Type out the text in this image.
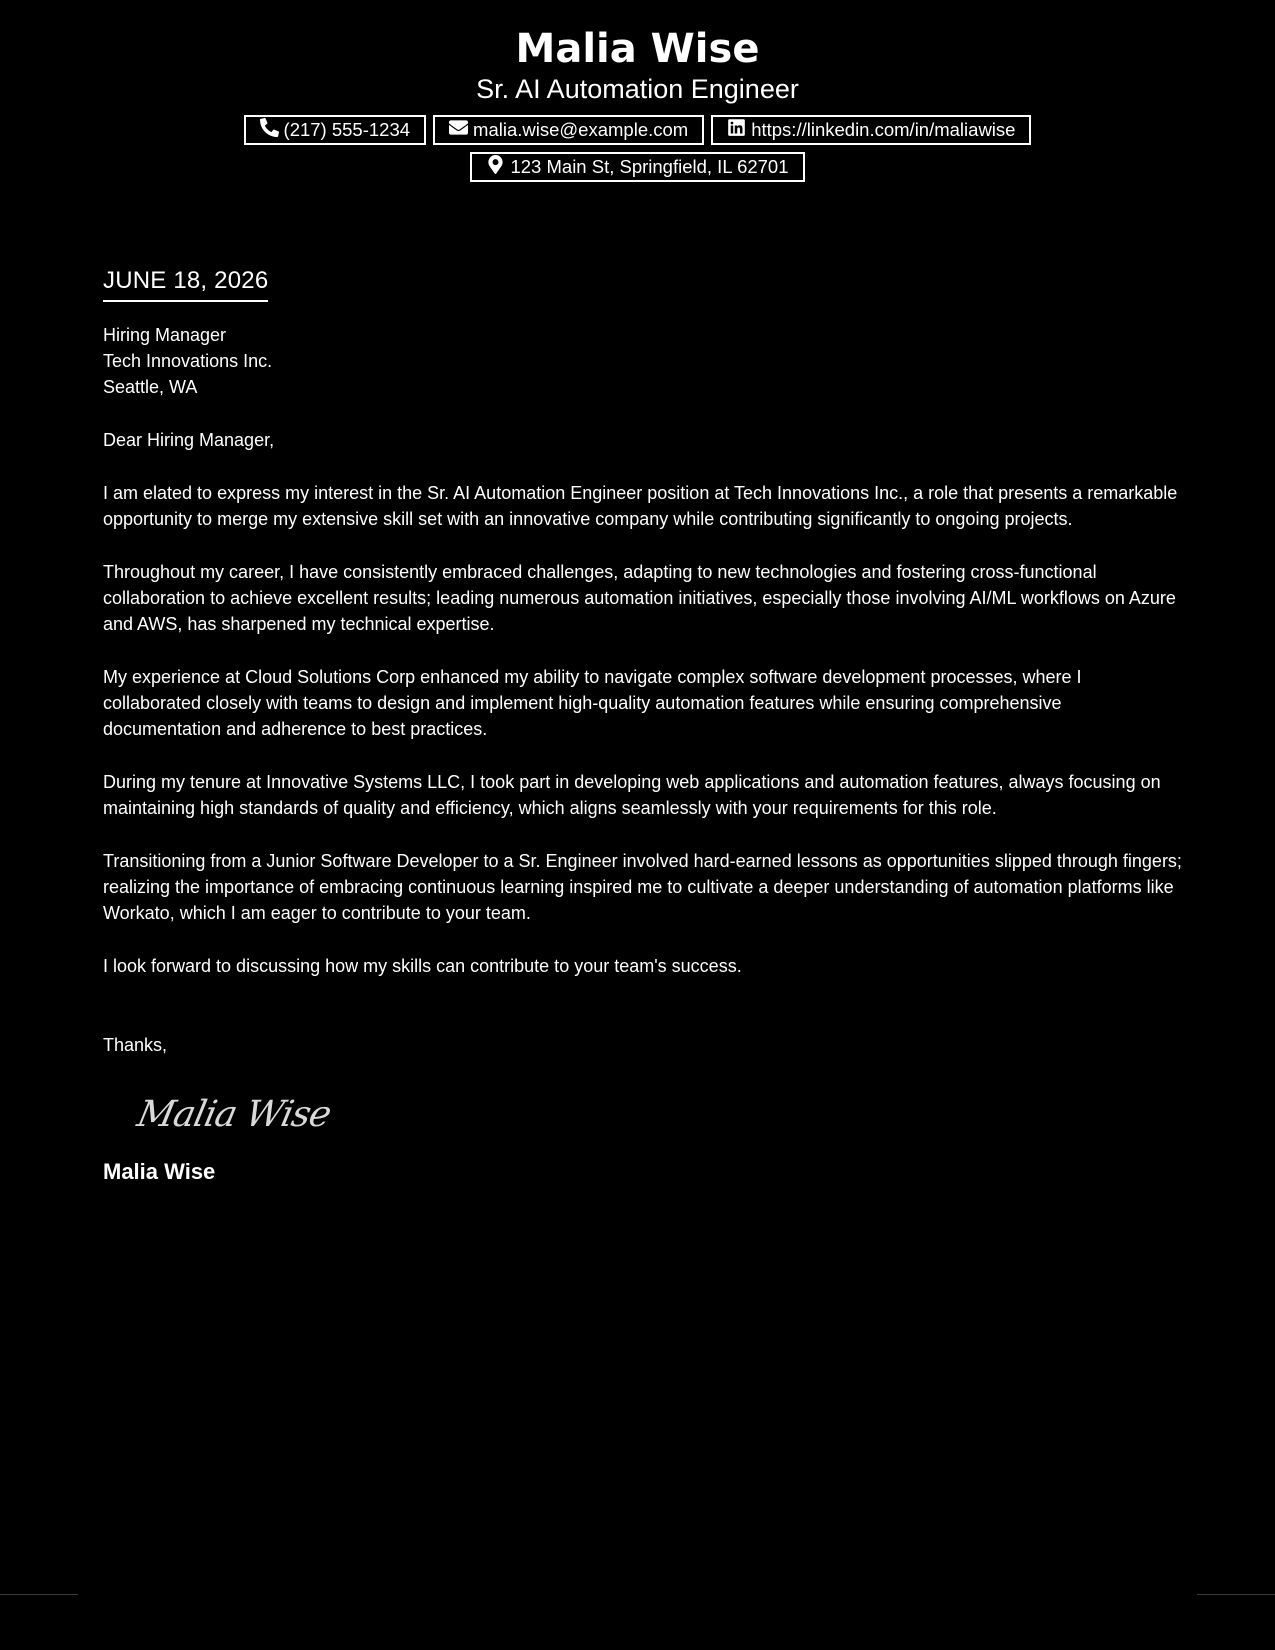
Malia Wise
Sr. AI Automation Engineer
(217) 555-1234	malia.wise@example.com	https://linkedin.com/in/maliawise
123 Main St, Springfield, IL 62701
JUNE 18, 2026
Hiring Manager
Tech Innovations Inc.
Seattle, WA

Dear Hiring Manager,

I am elated to express my interest in the Sr. AI Automation Engineer position at Tech Innovations Inc., a role that presents a remarkable opportunity to merge my extensive skill set with an innovative company while contributing significantly to ongoing projects.

Throughout my career, I have consistently embraced challenges, adapting to new technologies and fostering cross-functional collaboration to achieve excellent results; leading numerous automation initiatives, especially those involving AI/ML workflows on Azure and AWS, has sharpened my technical expertise.

My experience at Cloud Solutions Corp enhanced my ability to navigate complex software development processes, where I collaborated closely with teams to design and implement high-quality automation features while ensuring comprehensive documentation and adherence to best practices.

During my tenure at Innovative Systems LLC, I took part in developing web applications and automation features, always focusing on maintaining high standards of quality and efficiency, which aligns seamlessly with your requirements for this role.

Transitioning from a Junior Software Developer to a Sr. Engineer involved hard-earned lessons as opportunities slipped through fingers; realizing the importance of embracing continuous learning inspired me to cultivate a deeper understanding of automation platforms like Workato, which I am eager to contribute to your team.

I look forward to discussing how my skills can contribute to your team's success.

Thanks,

Malia Wise
Malia Wise
